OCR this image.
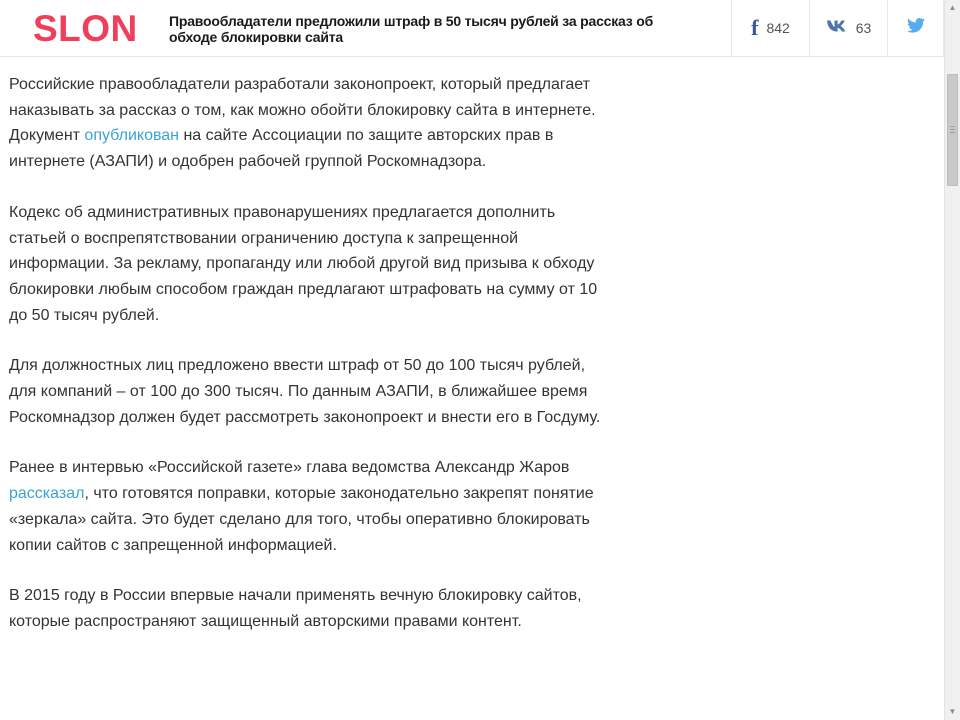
SLON Правообладатели предложили штраф в 50 тысяч рублей за рассказ об обходе блокировки сайта	f 842	63

Российские правообладатели разработали законопроект, который предлагает наказывать за рассказ о том, как можно обойти блокировку сайта в интернете. Документ опубликован на сайте Ассоциации по защите авторских прав в интернете (АЗАПИ) и одобрен рабочей группой Роскомнадзора.

Кодекс об административных правонарушениях предлагается дополнить статьей о воспрепятствовании ограничению доступа к запрещенной информации. За рекламу, пропаганду или любой другой вид призыва к обходу блокировки любым способом граждан предлагают штрафовать на сумму от 10 до 50 тысяч рублей.

Для должностных лиц предложено ввести штраф от 50 до 100 тысяч рублей, для компаний – от 100 до 300 тысяч. По данным АЗАПИ, в ближайшее время Роскомнадзор должен будет рассмотреть законопроект и внести его в Госдуму.

Ранее в интервью «Российской газете» глава ведомства Александр Жаров рассказал, что готовятся поправки, которые законодательно закрепят понятие «зеркала» сайта. Это будет сделано для того, чтобы оперативно блокировать копии сайтов с запрещенной информацией.

В 2015 году в России впервые начали применять вечную блокировку сайтов, которые распространяют защищенный авторскими правами контент.

▲
▼
